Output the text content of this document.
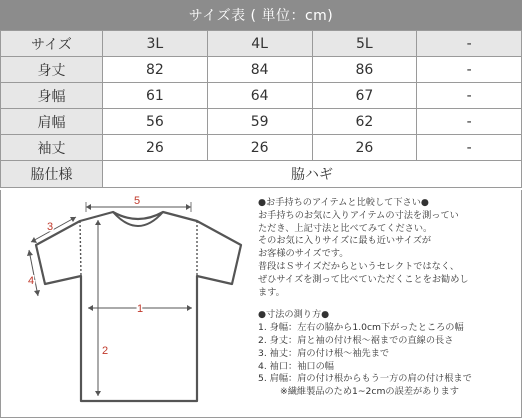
サイズ表 ( 単位：cm)
サイズ	3L	4L	5L	-
身丈	82	84	86	-
身幅	61	64	67	-
肩幅	56	59	62	-
袖丈	26	26	26	-
脇仕様	脇ハギ			
5
1
2
3
4

●お手持ちのアイテムと比較して下さい●

お手持ちのお気に入りアイテムの寸法を測ってい

ただき、上記寸法と比べてみてください。

そのお気に入りサイズに最も近いサイズが

お客様のサイズです。

普段はＳサイズだからというセレクトではなく、

ぜひサイズを測って比べていただくことをお勧めし

ます。

●寸法の測り方●

1. 身幅：左右の脇から1.0cm下がったところの幅

2. 身丈：肩と袖の付け根～裾までの直線の長さ

3. 袖丈：肩の付け根～袖先まで

4. 袖口：袖口の幅

5. 肩幅：肩の付け根からもう一方の肩の付け根まで

※繊維製品のため1~2cmの誤差があります
